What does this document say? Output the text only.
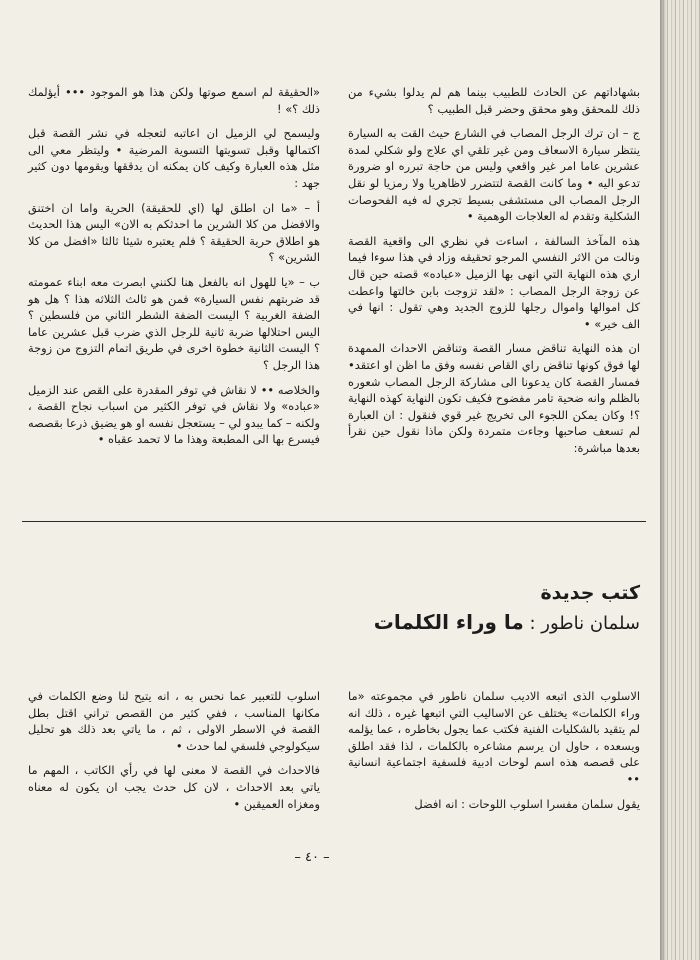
بشهاداتهم عن الحادث للطبيب بينما هم لم يدلوا بشيء من ذلك للمحقق وهو محقق وحضر قبل الطبيب ؟

ج – ان ترك الرجل المصاب في الشارع حيث القت به السيارة ينتظر سيارة الاسعاف ومن غير تلقي اي علاج ولو شكلي لمدة عشرين عاما امر غير واقعي وليس من حاجة تبرره او ضرورة تدعو اليه • وما كانت القصة لتتضرر لاظاهريا ولا رمزيا لو نقل الرجل المصاب الى مستشفى بسيط تجري له فيه الفحوصات الشكلية وتقدم له العلاجات الوهمية •

هذه المآخذ السالفة ، اساءت في نظري الى واقعية القصة ونالت من الاثر النفسي المرجو تحقيقه وزاد في هذا سوءا فيما اري هذه النهاية التي انهى بها الزميل «عباده» قصته حين قال عن زوجة الرجل المصاب : «لقد تزوجت بابن خالتها واعطت كل اموالها واموال رجلها للزوج الجديد وهي تقول : انها في الف خير» •

ان هذه النهاية تناقض مسار القصة وتناقض الاحداث الممهدة لها فوق كونها تناقض راي القاص نفسه وفق ما اظن او اعتقد• فمسار القصة كان يدعونا الى مشاركة الرجل المصاب شعوره بالظلم وانه ضحية تامر مفضوح فكيف تكون النهاية كهذه النهاية ؟! وكان يمكن اللجوء الى تخريج غير قوي فنقول : ان العبارة لم تسعف صاحبها وجاءت متمردة ولكن ماذا نقول حين نقرأ بعدها مباشرة:

«الحقيقة لم اسمع صوتها ولكن هذا هو الموجود ••• أيؤلمك ذلك ؟» !

وليسمح لي الزميل ان اعاتبه لتعجله في نشر القصة قبل اكتمالها وقبل تسويتها التسوية المرضية • وليتظر معي الى مثل هذه العبارة وكيف كان يمكنه ان يدققها ويقومها دون كثير جهد :

أ – «ما ان اطلق لها (اي للحقيقة) الحرية واما ان اختنق والافضل من كلا الشرين ما احدثكم به الان» اليس هذا الحديث هو اطلاق حرية الحقيقة ؟ فلم يعتبره شيئا ثالثا «افضل من كلا الشرين» ؟

ب – «يا للهول انه بالفعل هنا لكنني ابصرت معه ابناء عمومته قد ضربتهم نفس السيارة» فمن هو ثالث الثلاثه هذا ؟ هل هو الضفة الغربية ؟ اليست الضفة الشطر الثاني من فلسطين ؟ اليس احتلالها ضربة ثانية للرجل الذي ضرب قبل عشرين عاما ؟ اليست الثانية خطوة اخرى في طريق اتمام التزوج من زوجة هذا الرجل ؟

والخلاصه •• لا نقاش في توفر المقدرة على القص عند الزميل «عباده» ولا نقاش في توفر الكثير من اسباب نجاح القصة ، ولكنه – كما يبدو لي – يستعجل نفسه او هو يضيق ذرعا بقصصه فيسرع بها الى المطبعة وهذا ما لا تحمد عقباه •

كتب جديدة
سلمان ناطور : ما وراء الكلمات

الاسلوب الذى اتبعه الاديب سلمان ناطور في مجموعته «ما وراء الكلمات» يختلف عن الاساليب التي اتبعها غيره ، ذلك انه لم يتقيد بالشكليات الفنية فكتب عما يجول بخاطره ، عما يؤلمه ويسعده ، حاول ان يرسم مشاعره بالكلمات ، لذا فقد اطلق على قصصه هذه اسم لوحات ادبية فلسفية اجتماعية انسانية ••

يقول سلمان مفسرا اسلوب اللوحات : انه افضل

اسلوب للتعبير عما نحس به ، انه يتيح لنا وضع الكلمات في مكانها المناسب ، ففي كثير من القصص تراني اقتل بطل القصة في الاسطر الاولى ، ثم ، ما ياتي بعد ذلك هو تحليل سيكولوجي فلسفي لما حدث •

فالاحداث في القصة لا معنى لها في رأي الكاتب ، المهم ما ياتي بعد الاحداث ، لان كل حدث يجب ان يكون له معناه ومغزاه العميقين •

– ٤٠ –
